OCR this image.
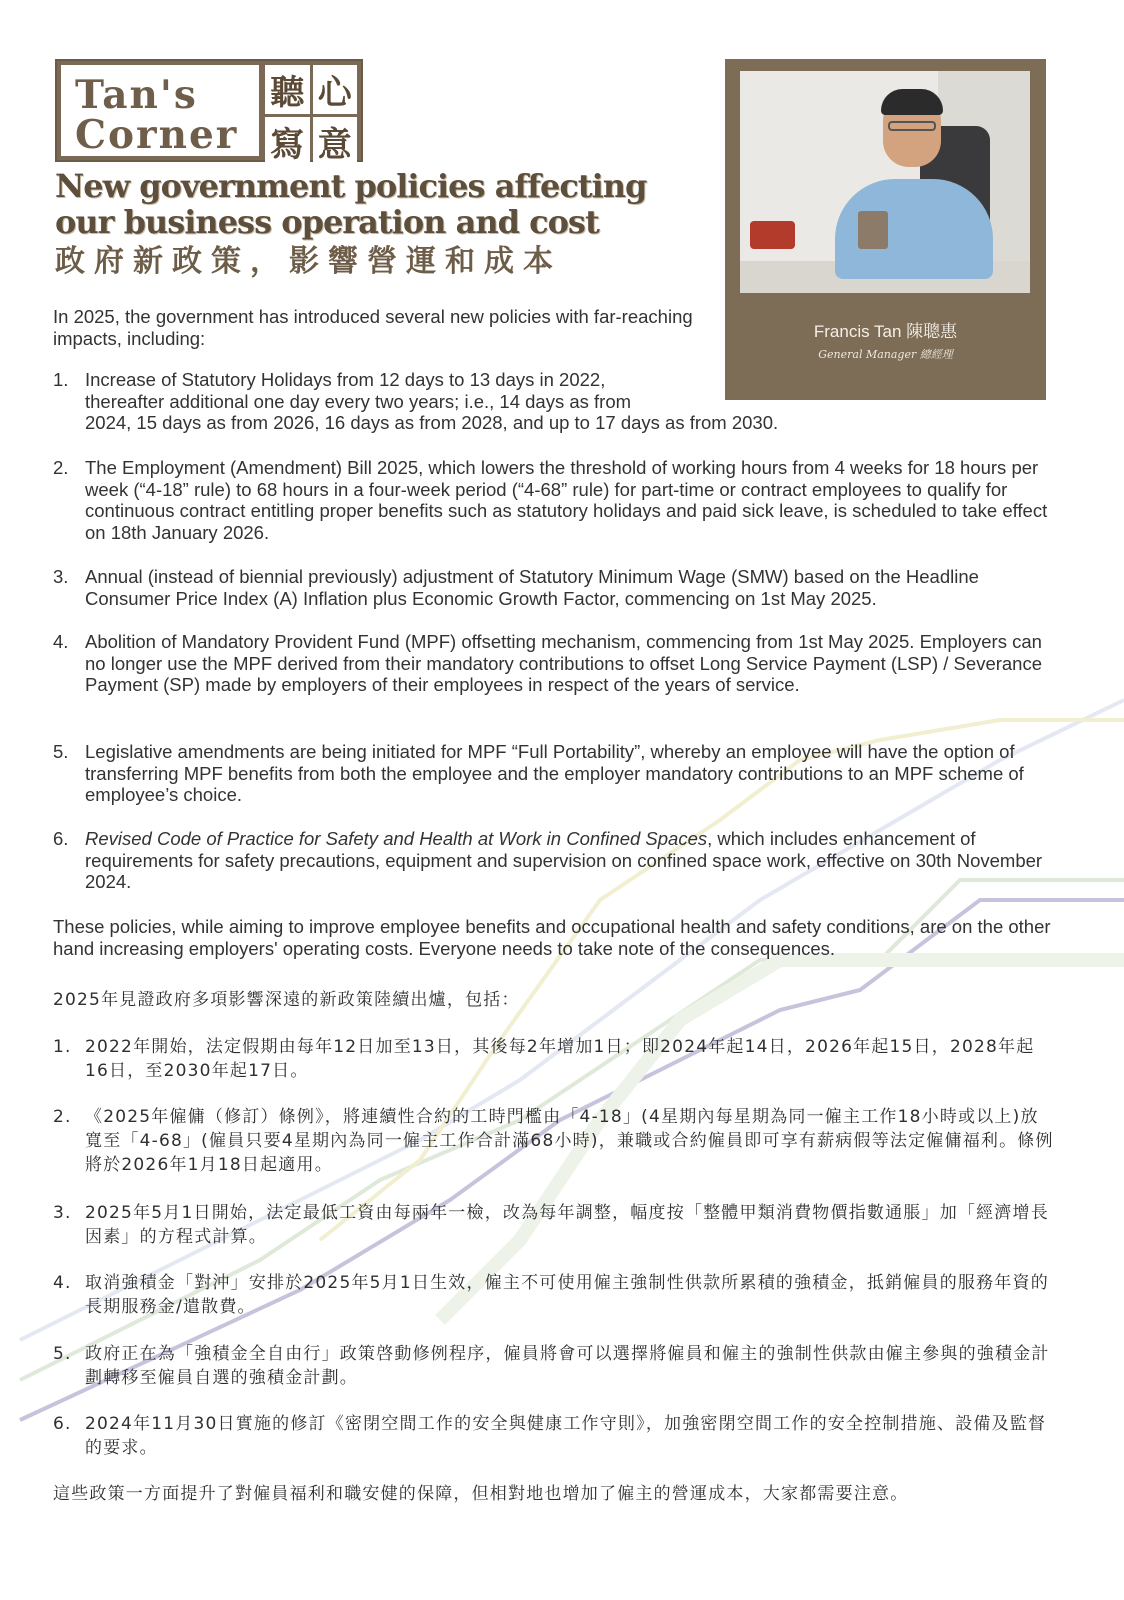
Tan's
Corner
聽 心
寫 意
New government policies affecting
our business operation and cost
政府新政策，影響營運和成本
Francis Tan 陳聰惠
General Manager 總經理
In 2025, the government has introduced several new policies with far-reaching impacts, including:
1. Increase of Statutory Holidays from 12 days to 13 days in 2022, thereafter additional one day every two years; i.e., 14 days as from
2024, 15 days as from 2026, 16 days as from 2028, and up to 17 days as from 2030.
2. The Employment (Amendment) Bill 2025, which lowers the threshold of working hours from 4 weeks for 18 hours per week (“4-18” rule) to 68 hours in a four-week period (“4-68” rule) for part-time or contract employees to qualify for continuous contract entitling proper benefits such as statutory holidays and paid sick leave, is scheduled to take effect on 18th January 2026.
3. Annual (instead of biennial previously) adjustment of Statutory Minimum Wage (SMW) based on the Headline Consumer Price Index (A) Inflation plus Economic Growth Factor, commencing on 1st May 2025.
4. Abolition of Mandatory Provident Fund (MPF) offsetting mechanism, commencing from 1st May 2025. Employers can no longer use the MPF derived from their mandatory contributions to offset Long Service Payment (LSP) / Severance Payment (SP) made by employers of their employees in respect of the years of service.
5. Legislative amendments are being initiated for MPF “Full Portability”, whereby an employee will have the option of transferring MPF benefits from both the employee and the employer mandatory contributions to an MPF scheme of employee’s choice.
6. Revised Code of Practice for Safety and Health at Work in Confined Spaces, which includes enhancement of requirements for safety precautions, equipment and supervision on confined space work, effective on 30th November 2024.
These policies, while aiming to improve employee benefits and occupational health and safety conditions, are on the other hand increasing employers' operating costs. Everyone needs to take note of the consequences.
2025年見證政府多項影響深遠的新政策陸續出爐，包括：
1. 2022年開始，法定假期由每年12日加至13日，其後每2年增加1日；即2024年起14日，2026年起15日，2028年起16日，至2030年起17日。
2. 《2025年僱傭（修訂）條例》，將連續性合約的工時門檻由「4-18」(4星期內每星期為同一僱主工作18小時或以上)放寬至「4-68」(僱員只要4星期內為同一僱主工作合計滿68小時)，兼職或合約僱員即可享有薪病假等法定僱傭福利。條例將於2026年1月18日起適用。
3. 2025年5月1日開始，法定最低工資由每兩年一檢，改為每年調整，幅度按「整體甲類消費物價指數通脹」加「經濟增長因素」的方程式計算。
4. 取消強積金「對沖」安排於2025年5月1日生效，僱主不可使用僱主強制性供款所累積的強積金，抵銷僱員的服務年資的長期服務金/遣散費。
5. 政府正在為「強積金全自由行」政策啓動修例程序，僱員將會可以選擇將僱員和僱主的強制性供款由僱主參與的強積金計劃轉移至僱員自選的強積金計劃。
6. 2024年11月30日實施的修訂《密閉空間工作的安全與健康工作守則》，加強密閉空間工作的安全控制措施、設備及監督的要求。
這些政策一方面提升了對僱員福利和職安健的保障，但相對地也增加了僱主的營運成本，大家都需要注意。
